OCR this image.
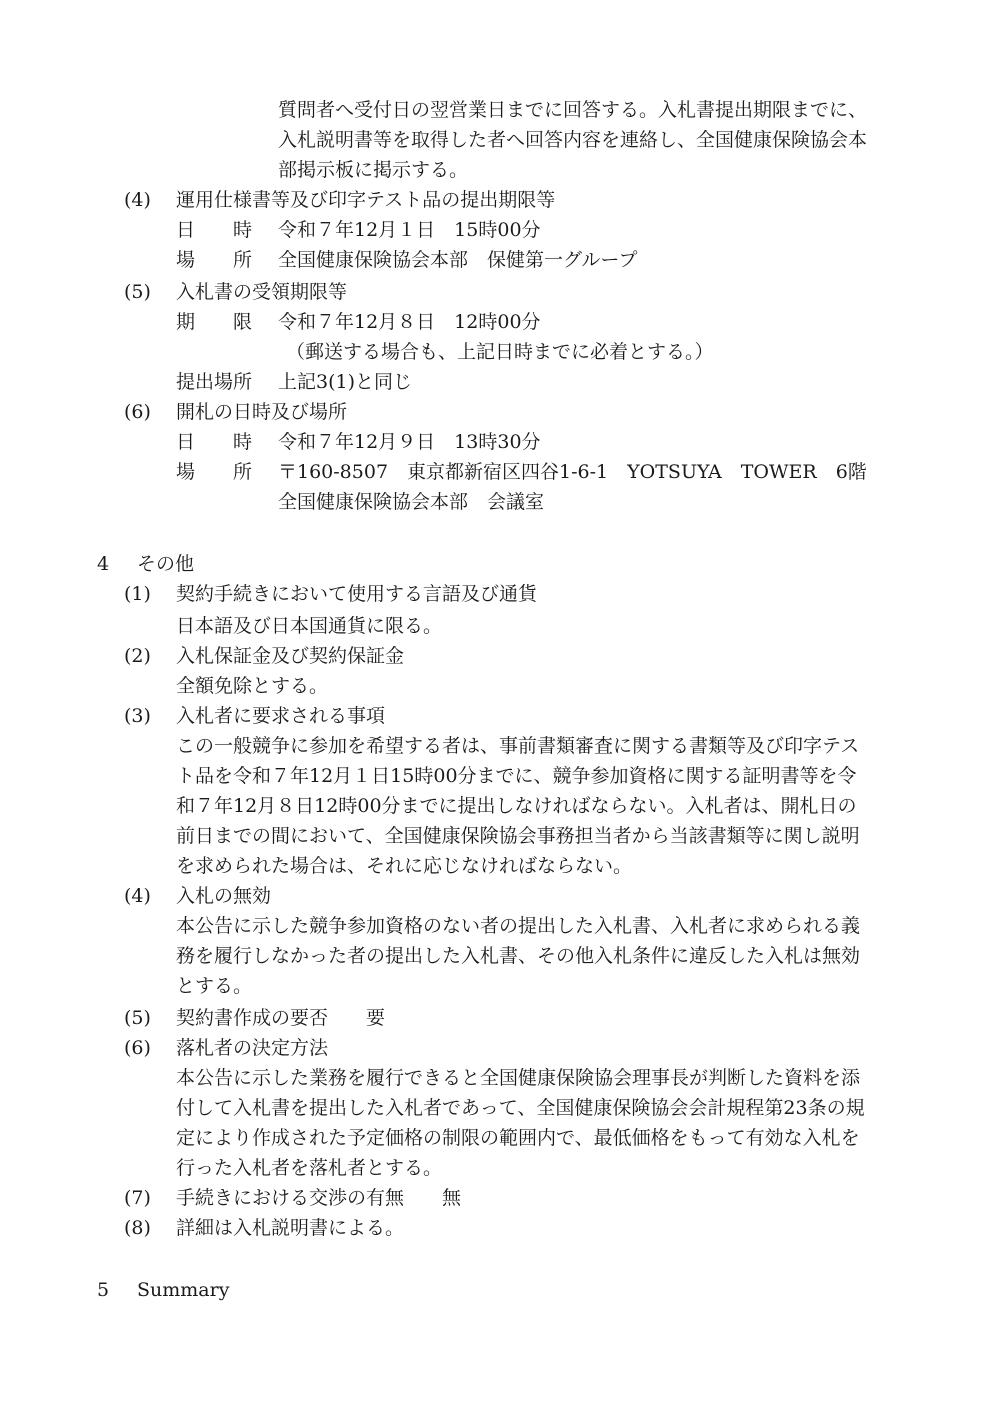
質問者へ受付日の翌営業日までに回答する。入札書提出期限までに、
入札説明書等を取得した者へ回答内容を連絡し、全国健康保険協会本
部掲示板に掲示する。
(4) 運用仕様書等及び印字テスト品の提出期限等
日　　時 令和７年12月１日　15時00分
場　　所 全国健康保険協会本部　保健第一グループ
(5) 入札書の受領期限等
期　　限 令和７年12月８日　12時00分
（郵送する場合も、上記日時までに必着とする。）
提出場所 上記3(1)と同じ
(6) 開札の日時及び場所
日　　時 令和７年12月９日　13時30分
場　　所 〒160-8507　東京都新宿区四谷1-6-1　YOTSUYA　TOWER　6階
全国健康保険協会本部　会議室
4 その他
(1) 契約手続きにおいて使用する言語及び通貨
日本語及び日本国通貨に限る。
(2) 入札保証金及び契約保証金
全額免除とする。
(3) 入札者に要求される事項
この一般競争に参加を希望する者は、事前書類審査に関する書類等及び印字テス
ト品を令和７年12月１日15時00分までに、競争参加資格に関する証明書等を令
和７年12月８日12時00分までに提出しなければならない。入札者は、開札日の
前日までの間において、全国健康保険協会事務担当者から当該書類等に関し説明
を求められた場合は、それに応じなければならない。
(4) 入札の無効
本公告に示した競争参加資格のない者の提出した入札書、入札者に求められる義
務を履行しなかった者の提出した入札書、その他入札条件に違反した入札は無効
とする。
(5) 契約書作成の要否　　要
(6) 落札者の決定方法
本公告に示した業務を履行できると全国健康保険協会理事長が判断した資料を添
付して入札書を提出した入札者であって、全国健康保険協会会計規程第23条の規
定により作成された予定価格の制限の範囲内で、最低価格をもって有効な入札を
行った入札者を落札者とする。
(7) 手続きにおける交渉の有無　　無
(8) 詳細は入札説明書による。
5 Summary
